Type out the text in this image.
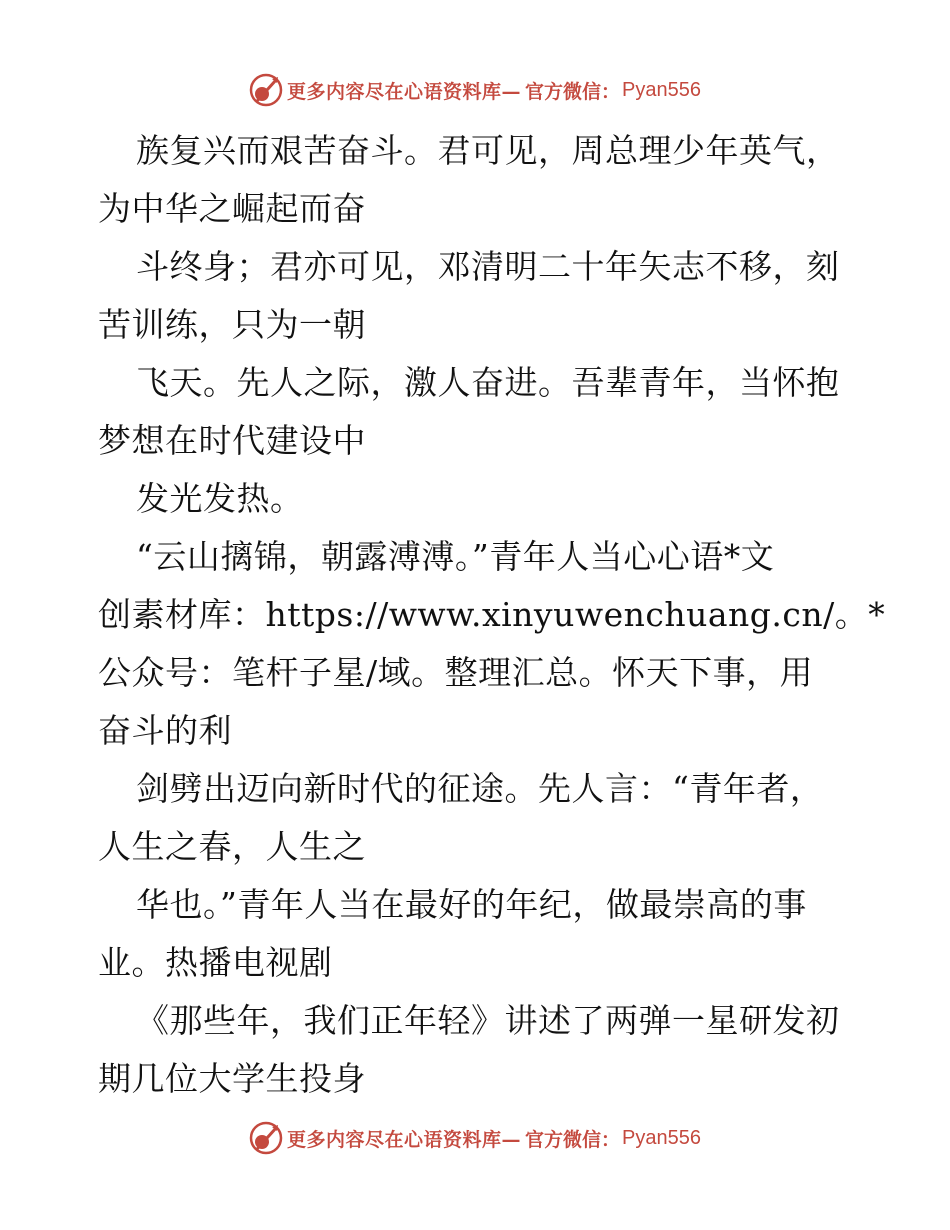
更多内容尽在心语资料库— 官方微信： Pyan556
族复兴而艰苦奋斗。君可见，周总理少年英气，
为中华之崛起而奋
斗终身；君亦可见，邓清明二十年矢志不移，刻
苦训练，只为一朝
飞天。先人之际，激人奋进。吾辈青年，当怀抱
梦想在时代建设中
发光发热。
“云山摛锦，朝露溥溥。”青年人当心心语*文
创素材库：https://www.xinyuwenchuang.cn/。*
公众号：笔杆子星/域。整理汇总。怀天下事，用
奋斗的利
剑劈出迈向新时代的征途。先人言：“青年者，
人生之春，人生之
华也。”青年人当在最好的年纪，做最崇高的事
业。热播电视剧
《那些年，我们正年轻》讲述了两弹一星研发初
期几位大学生投身
更多内容尽在心语资料库— 官方微信： Pyan556
